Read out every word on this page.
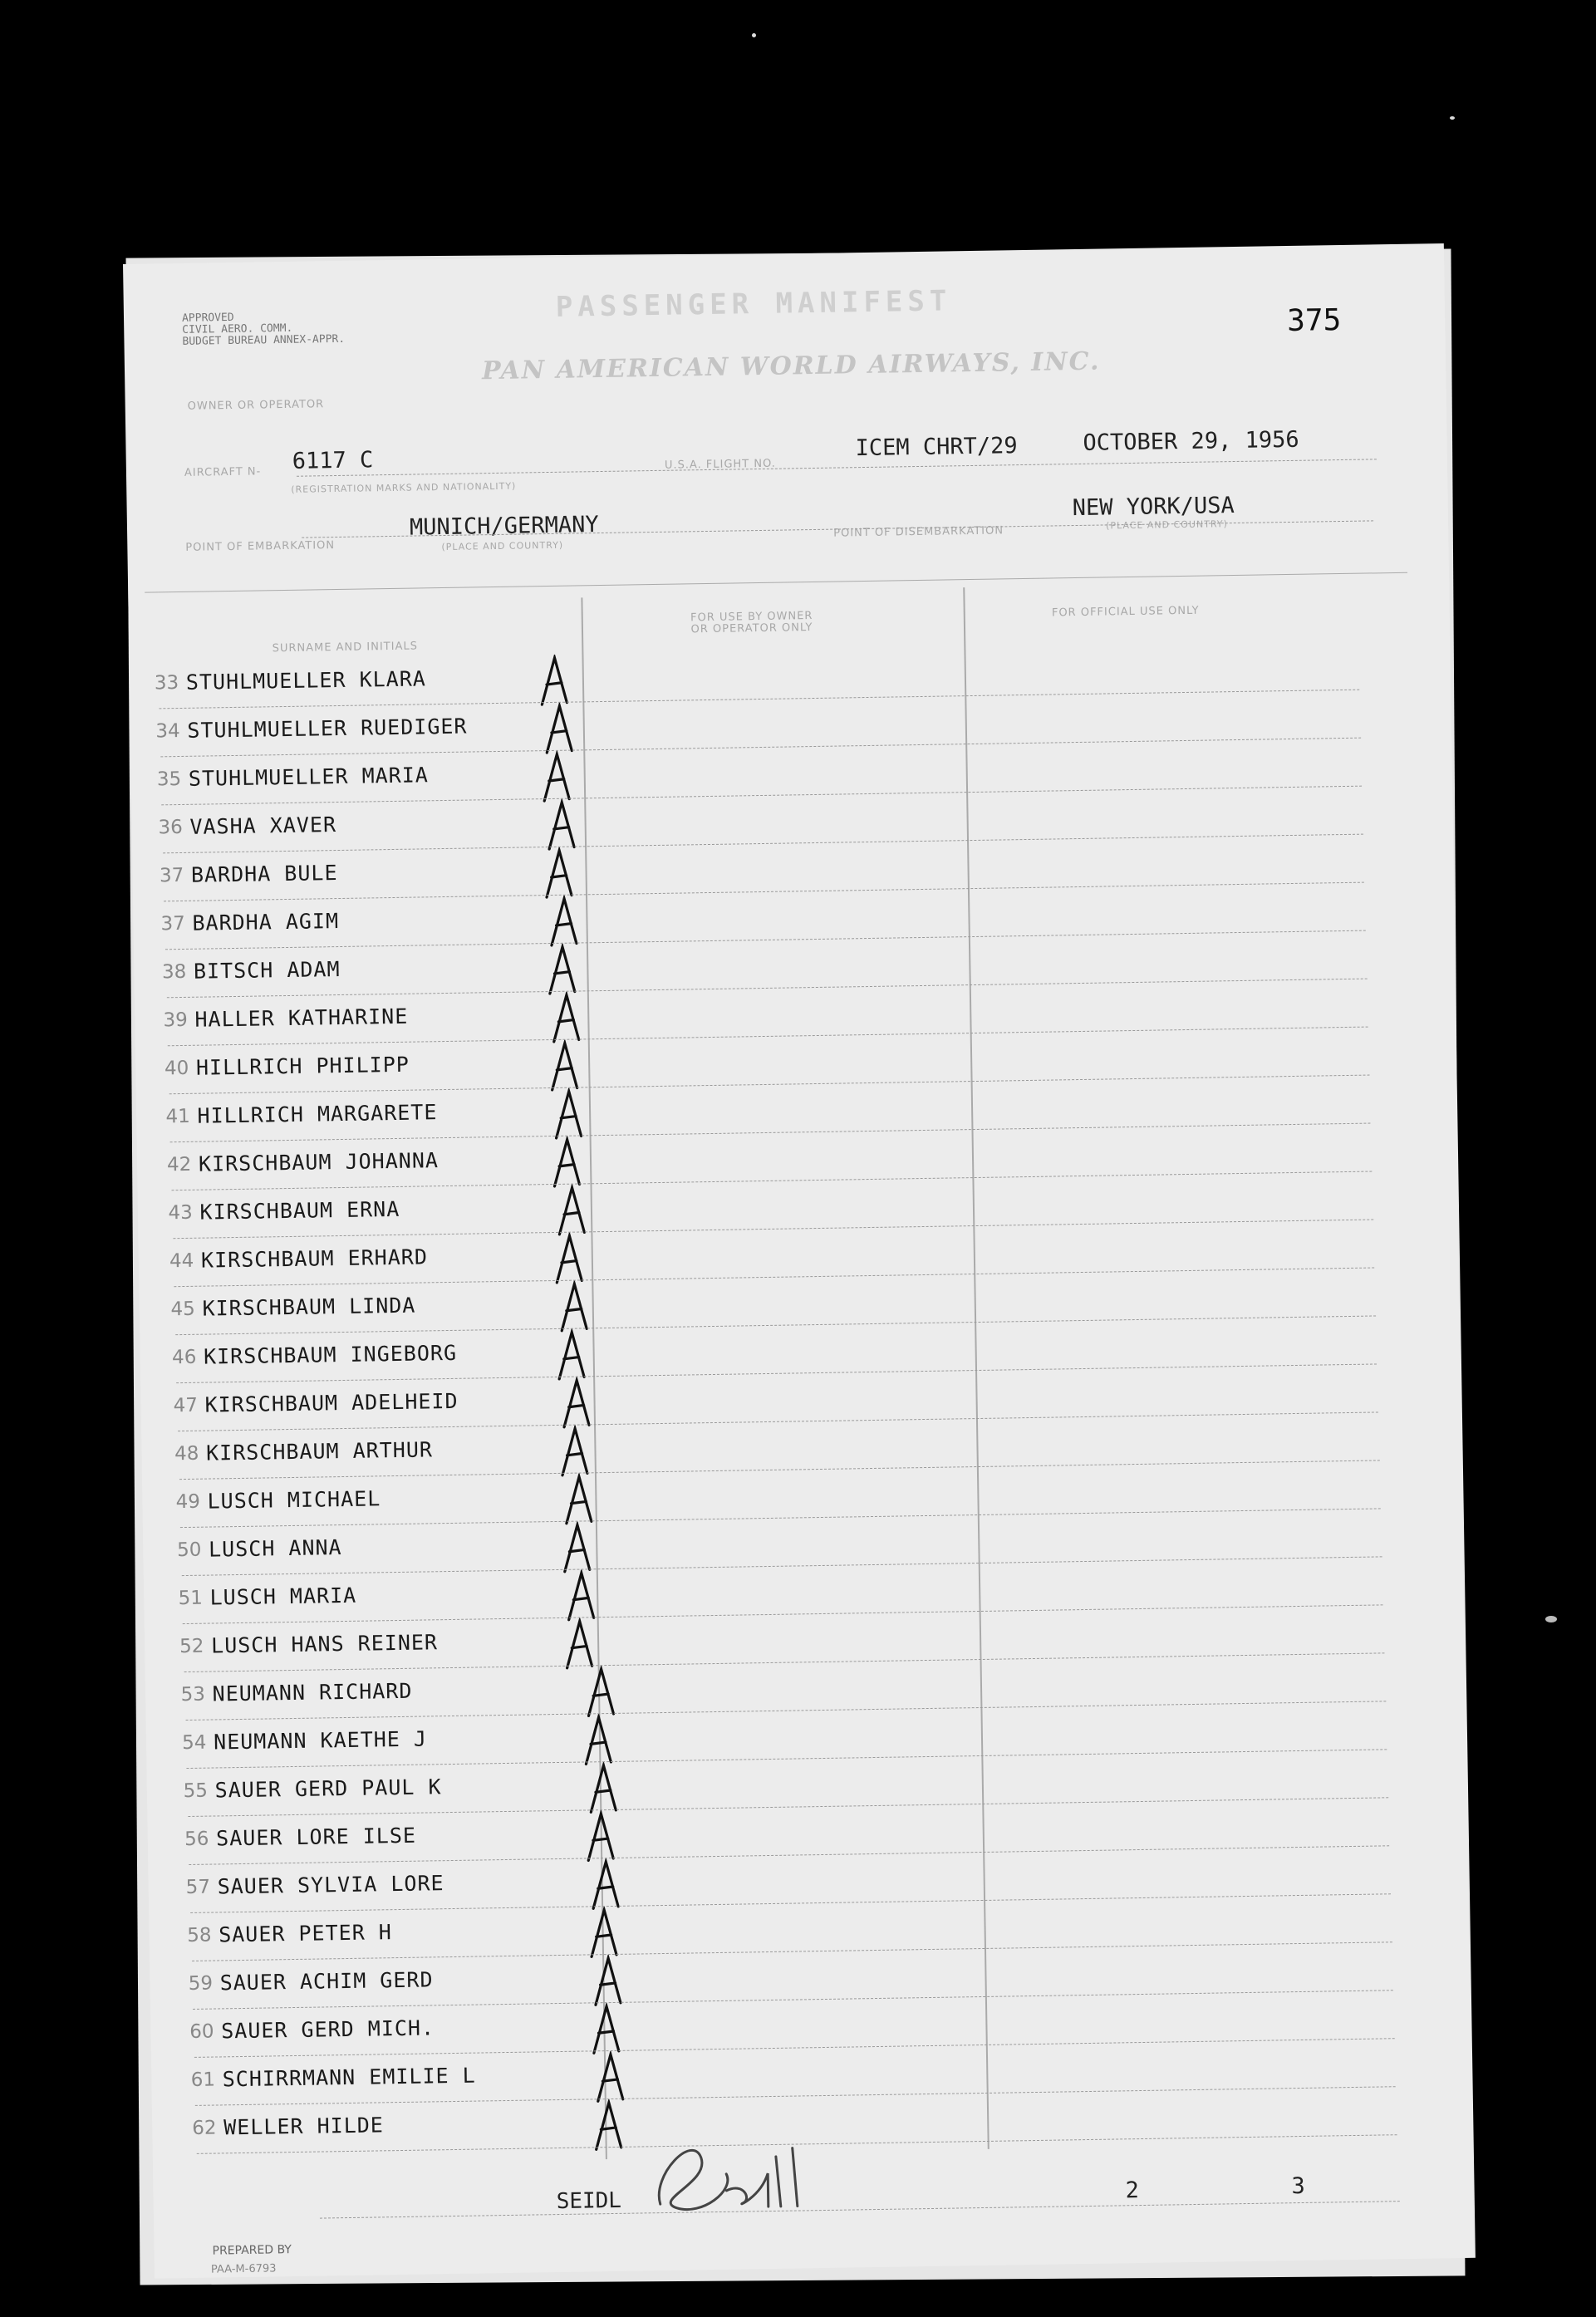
APPROVED
CIVIL AERO. COMM.
BUDGET BUREAU ANNEX-APPR.
PASSENGER MANIFEST
PAN AMERICAN WORLD AIRWAYS, INC.
375
OWNER OR OPERATOR
AIRCRAFT N- 6117 C
(REGISTRATION MARKS AND NATIONALITY)
U.S.A. FLIGHT NO.
ICEM CHRT/29	OCTOBER 29, 1956
POINT OF EMBARKATION
MUNICH/GERMANY
(PLACE AND COUNTRY)
POINT OF DISEMBARKATION
NEW YORK/USA
(PLACE AND COUNTRY)
SURNAME AND INITIALS
FOR USE BY OWNER
OR OPERATOR ONLY
FOR OFFICIAL USE ONLY
33 STUHLMUELLER KLARA
34 STUHLMUELLER RUEDIGER
35 STUHLMUELLER MARIA
36 VASHA XAVER
37 BARDHA BULE
37 BARDHA AGIM
38 BITSCH ADAM
39 HALLER KATHARINE
40 HILLRICH PHILIPP
41 HILLRICH MARGARETE
42 KIRSCHBAUM JOHANNA
43 KIRSCHBAUM ERNA
44 KIRSCHBAUM ERHARD
45 KIRSCHBAUM LINDA
46 KIRSCHBAUM INGEBORG
47 KIRSCHBAUM ADELHEID
48 KIRSCHBAUM ARTHUR
49 LUSCH MICHAEL
50 LUSCH ANNA
51 LUSCH MARIA
52 LUSCH HANS REINER
53 NEUMANN RICHARD
54 NEUMANN KAETHE J
55 SAUER GERD PAUL K
56 SAUER LORE ILSE
57 SAUER SYLVIA LORE
58 SAUER PETER H
59 SAUER ACHIM GERD
60 SAUER GERD MICH.
61 SCHIRRMANN EMILIE L
62 WELLER HILDE
SEIDL	2	3
PREPARED BY
PAA-M-6793
